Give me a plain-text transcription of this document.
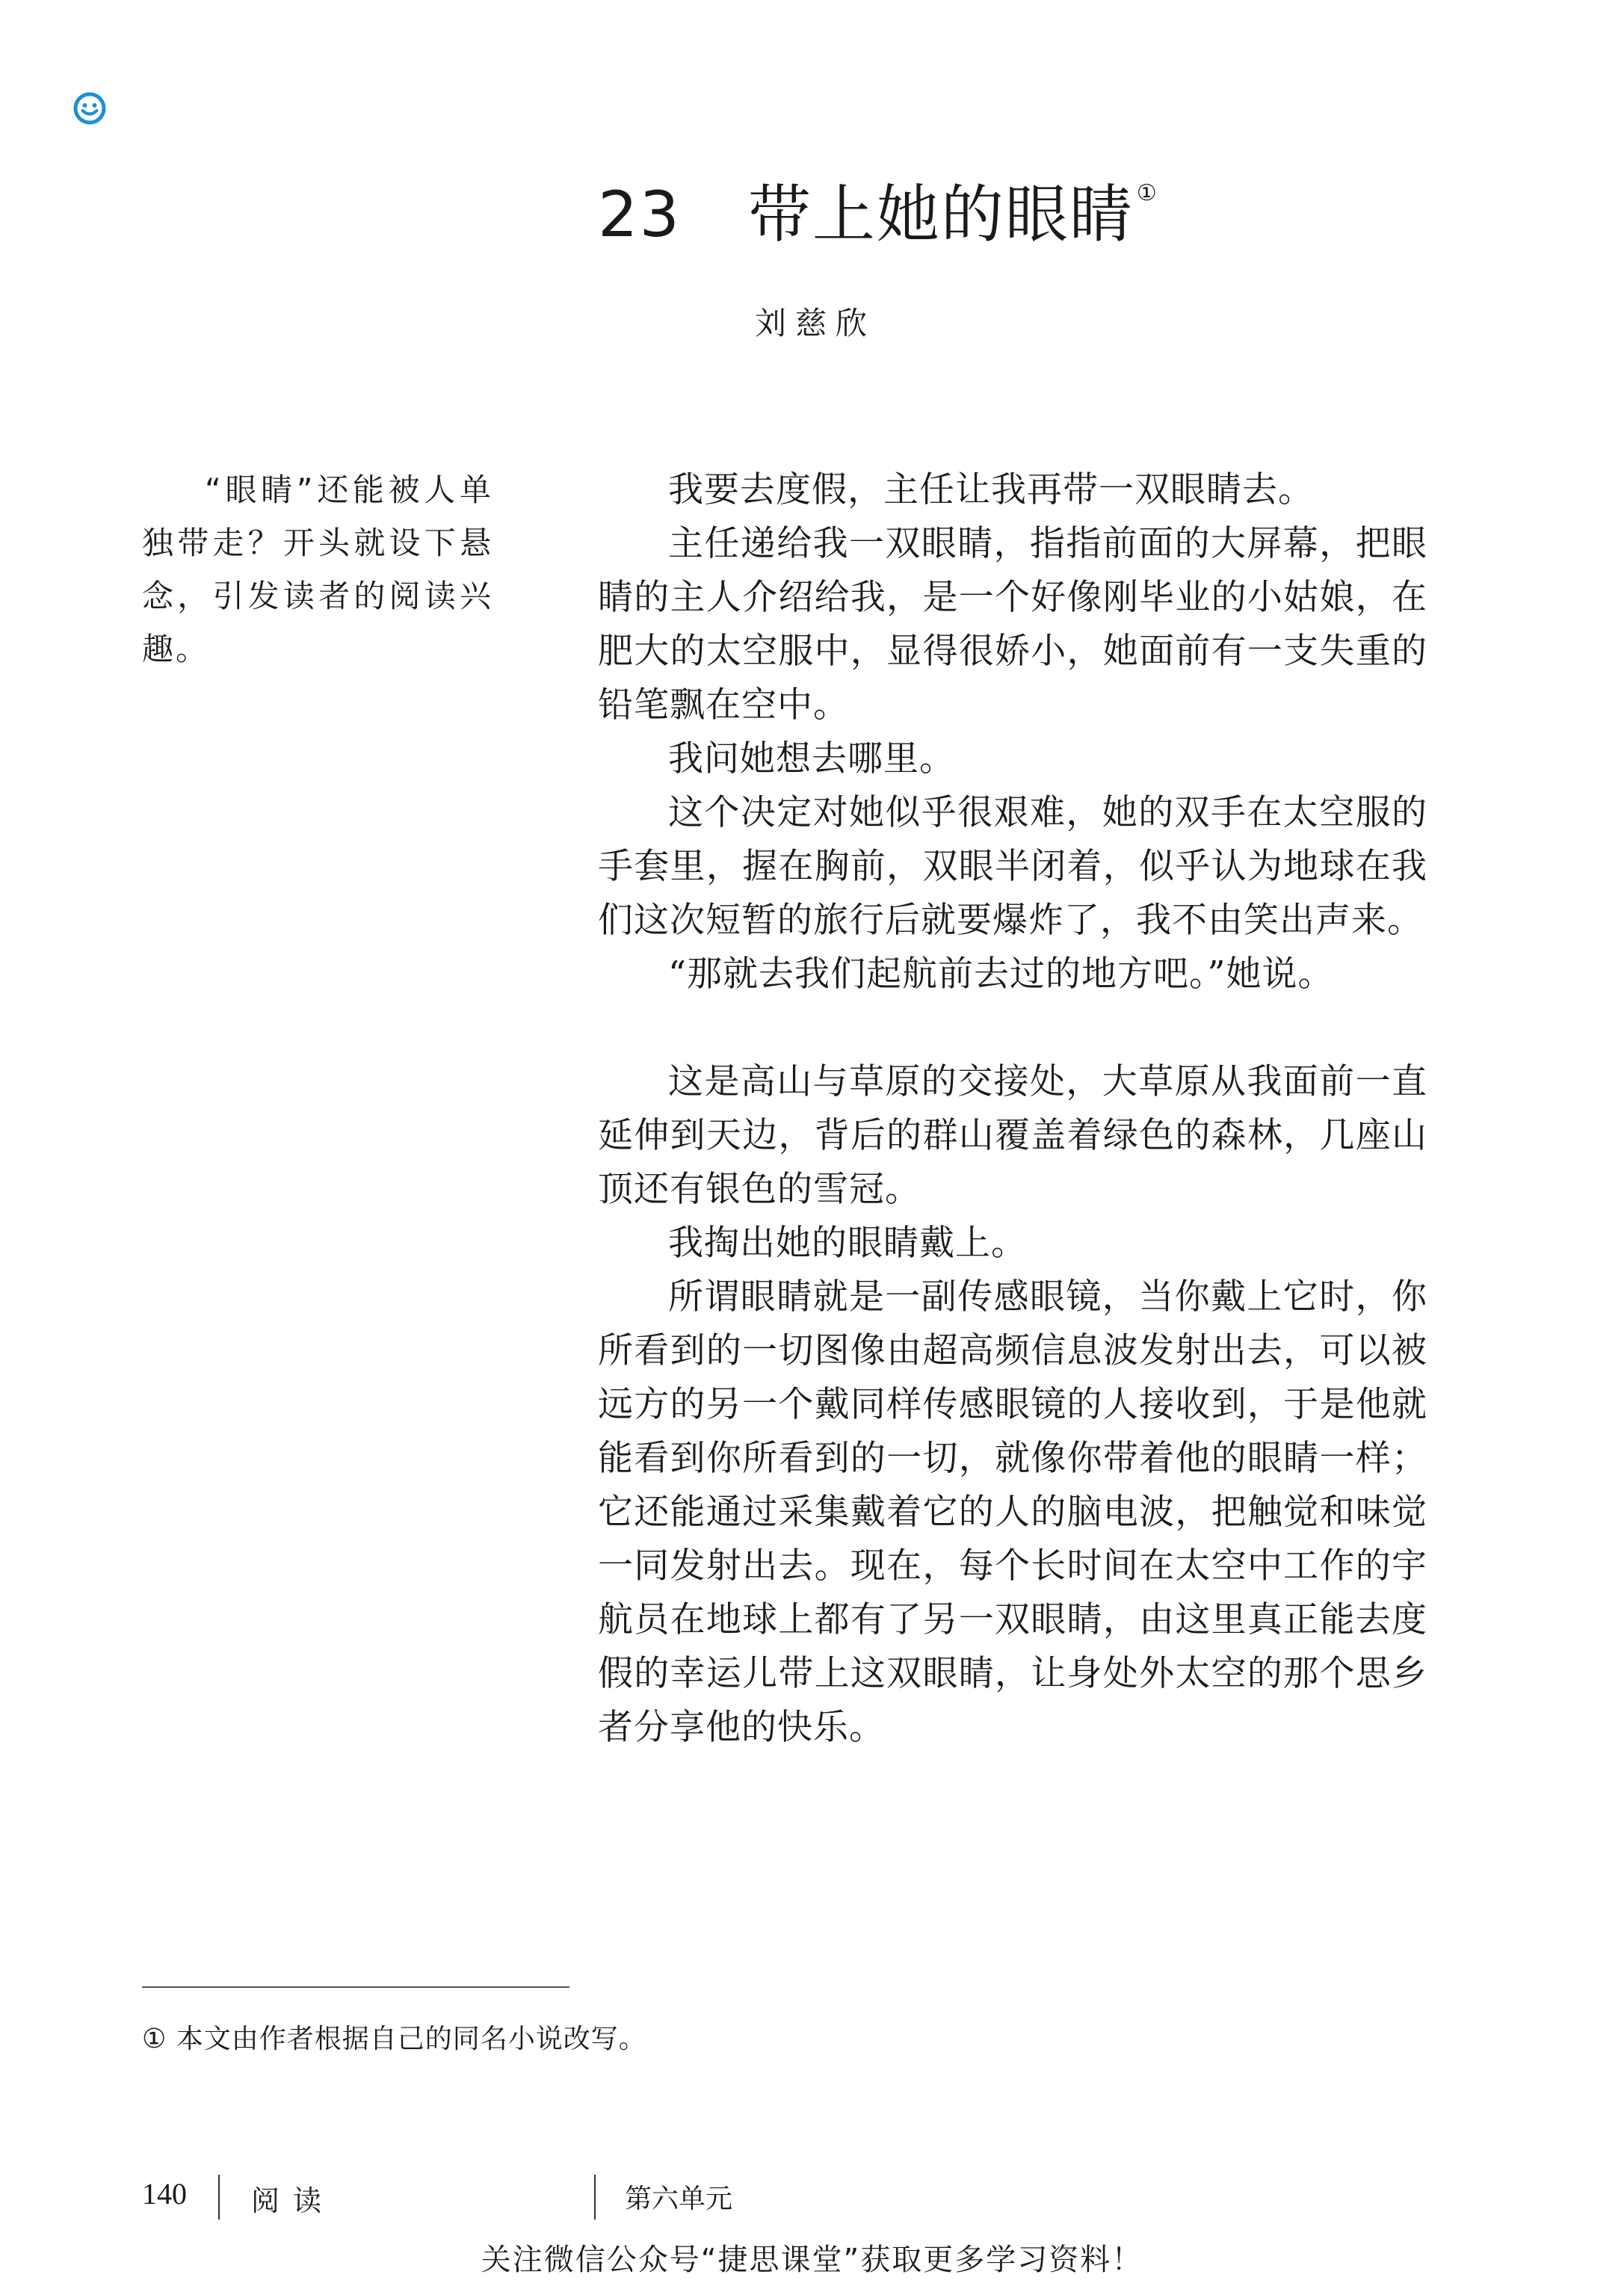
23 带上她的眼睛 ①
刘慈欣

“眼睛”还能被人单独带走？开头就设下悬念，引发读者的阅读兴趣。

我要去度假，主任让我再带一双眼睛去。

主任递给我一双眼睛，指指前面的大屏幕，把眼睛的主人介绍给我，是一个好像刚毕业的小姑娘，在肥大的太空服中，显得很娇小，她面前有一支失重的铅笔飘在空中。

我问她想去哪里。

这个决定对她似乎很艰难，她的双手在太空服的手套里，握在胸前，双眼半闭着，似乎认为地球在我们这次短暂的旅行后就要爆炸了，我不由笑出声来。

“那就去我们起航前去过的地方吧。”她说。

这是高山与草原的交接处，大草原从我面前一直延伸到天边，背后的群山覆盖着绿色的森林，几座山顶还有银色的雪冠。

我掏出她的眼睛戴上。

所谓眼睛就是一副传感眼镜，当你戴上它时，你所看到的一切图像由超高频信息波发射出去，可以被远方的另一个戴同样传感眼镜的人接收到，于是他就能看到你所看到的一切，就像你带着他的眼睛一样；它还能通过采集戴着它的人的脑电波，把触觉和味觉一同发射出去。现在，每个长时间在太空中工作的宇航员在地球上都有了另一双眼睛，由这里真正能去度假的幸运儿带上这双眼睛，让身处外太空的那个思乡者分享他的快乐。

① 本文由作者根据自己的同名小说改写。
140 阅读	第六单元
关注微信公众号“捷思课堂”获取更多学习资料！
